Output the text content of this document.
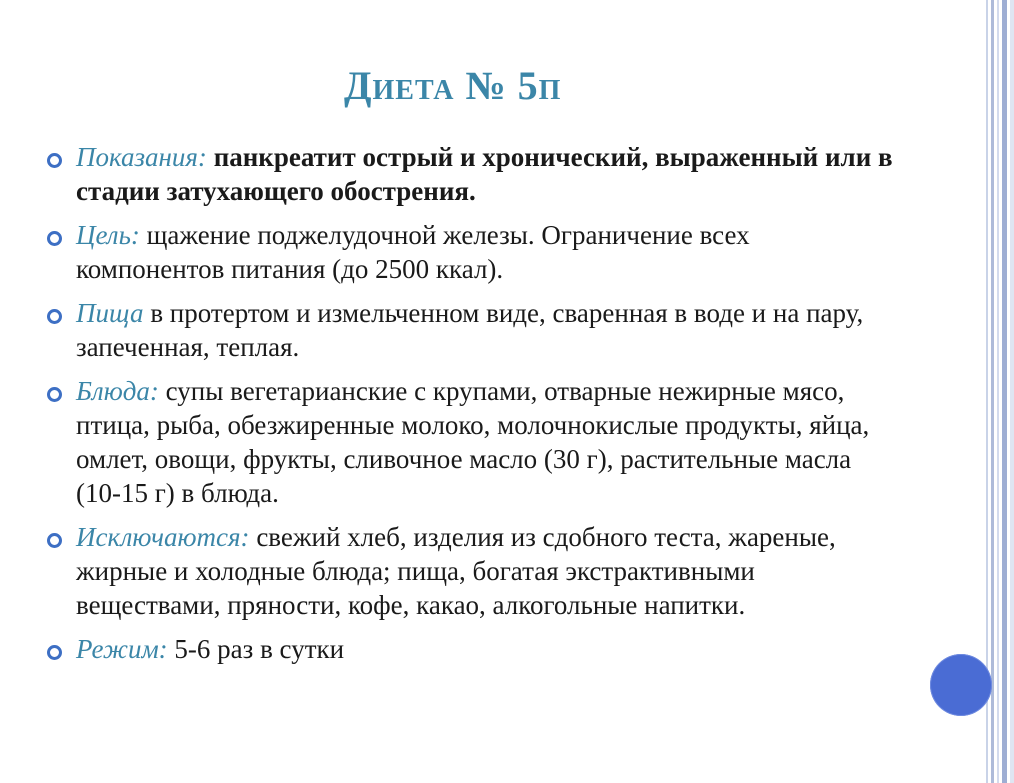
Диета № 5п
Показания: панкреатит острый и хронический, выраженный или в стадии затухающего обострения.
Цель: щажение поджелудочной железы. Ограничение всех компонентов питания (до 2500 ккал).
Пища в протертом и измельченном виде, сваренная в воде и на пару, запеченная, теплая.
Блюда: супы вегетарианские с крупами, отварные нежирные мясо, птица, рыба, обезжиренные молоко, молочнокислые продукты, яйца, омлет, овощи, фрукты, сливочное масло (30 г), растительные масла (10-15 г) в блюда.
Исключаются: свежий хлеб, изделия из сдобного теста, жареные, жирные и холодные блюда; пища, богатая экстрактивными веществами, пряности, кофе, какао, алкогольные напитки.
Режим: 5-6 раз в сутки
